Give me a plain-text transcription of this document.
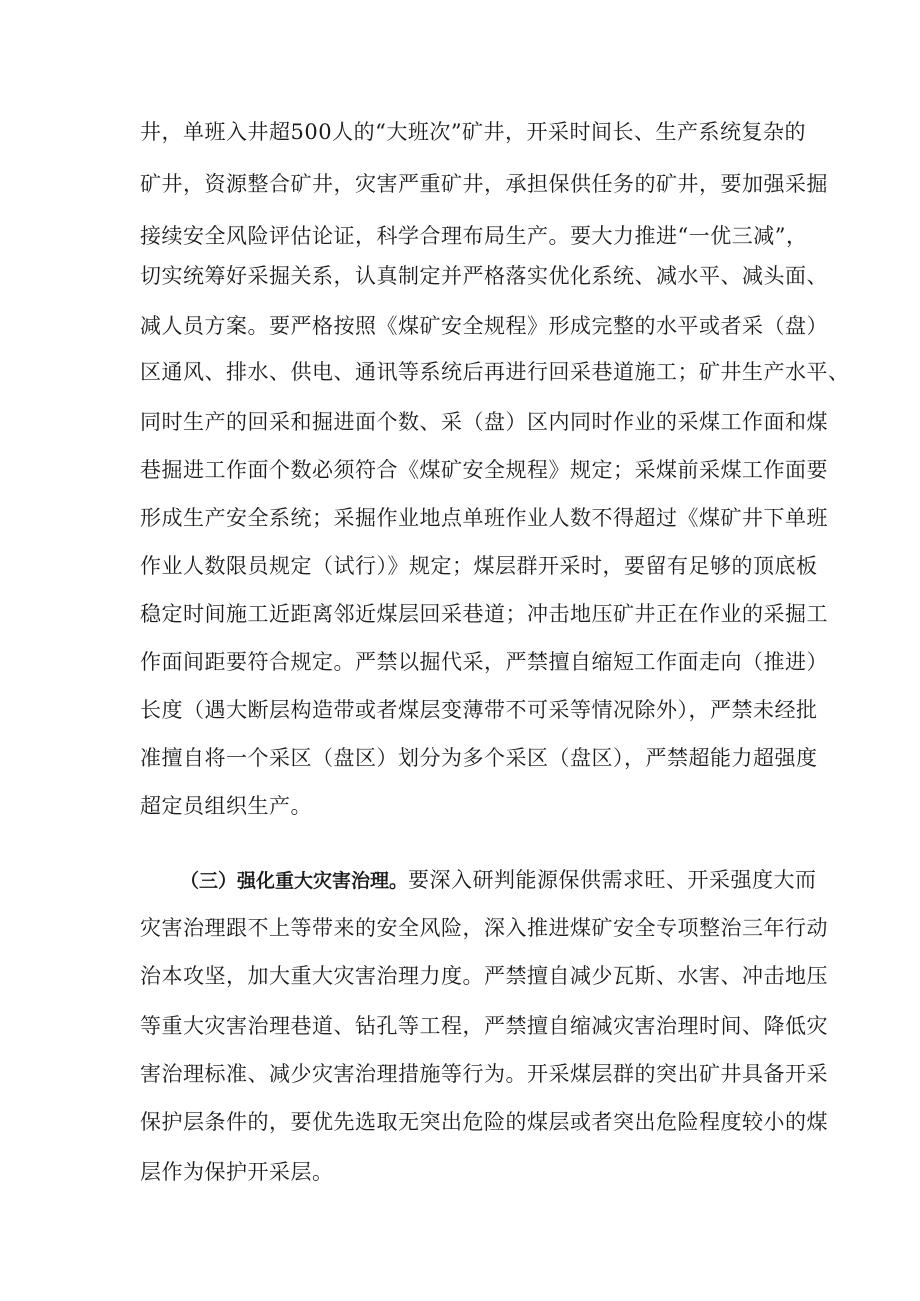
井，单班入井超500人的“大班次”矿井，开采时间长、生产系统复杂的
矿井，资源整合矿井，灾害严重矿井，承担保供任务的矿井，要加强采掘
接续安全风险评估论证，科学合理布局生产。要大力推进“一优三减”，
切实统筹好采掘关系，认真制定并严格落实优化系统、减水平、减头面、
减人员方案。要严格按照《煤矿安全规程》形成完整的水平或者采（盘）
区通风、排水、供电、通讯等系统后再进行回采巷道施工；矿井生产水平、
同时生产的回采和掘进面个数、采（盘）区内同时作业的采煤工作面和煤
巷掘进工作面个数必须符合《煤矿安全规程》规定；采煤前采煤工作面要
形成生产安全系统；采掘作业地点单班作业人数不得超过《煤矿井下单班
作业人数限员规定（试行）》规定；煤层群开采时，要留有足够的顶底板
稳定时间施工近距离邻近煤层回采巷道；冲击地压矿井正在作业的采掘工
作面间距要符合规定。严禁以掘代采，严禁擅自缩短工作面走向（推进）
长度（遇大断层构造带或者煤层变薄带不可采等情况除外），严禁未经批
准擅自将一个采区（盘区）划分为多个采区（盘区），严禁超能力超强度
超定员组织生产。
（三）强化重大灾害治理。要深入研判能源保供需求旺、开采强度大而
灾害治理跟不上等带来的安全风险，深入推进煤矿安全专项整治三年行动
治本攻坚，加大重大灾害治理力度。严禁擅自减少瓦斯、水害、冲击地压
等重大灾害治理巷道、钻孔等工程，严禁擅自缩减灾害治理时间、降低灾
害治理标准、减少灾害治理措施等行为。开采煤层群的突出矿井具备开采
保护层条件的，要优先选取无突出危险的煤层或者突出危险程度较小的煤
层作为保护开采层。
